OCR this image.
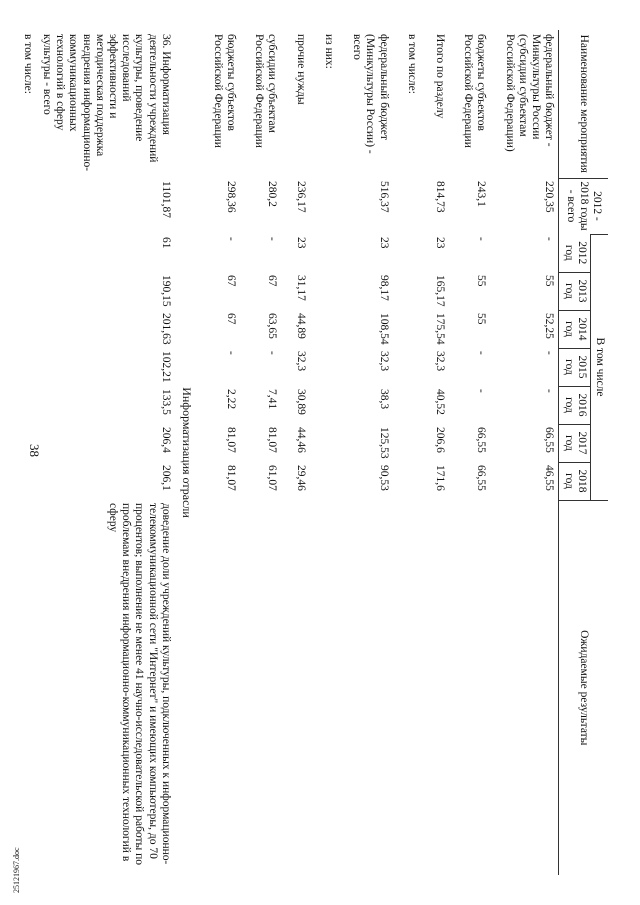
38
25121967.doc
Наименование мероприятия	2012 - 2018 годы - всего	В том числе							Ожидаемые результаты
		2012 год	2013 год	2014 год	2015 год	2016 год	2017 год	2018 год	
федеральный бюджет - Минкультуры России (субсидии субъектам Российской Федерации)	220,35	-	55	52,25	-	-	66,55	46,55	
бюджеты субъектов Российской Федерации	243,1	-	55	55	-	-	66,55	66,55	
Итого по разделу	814,73	23	165,17	175,54	32,3	40,52	206,6	171,6	
в том числе:									
федеральный бюджет (Минкультуры России) - всего	516,37	23	98,17	108,54	32,3	38,3	125,53	90,53	
из них:									
прочие нужды	236,17	23	31,17	44,89	32,3	30,89	44,46	29,46	
субсидии субъектам Российской Федерации	280,2	-	67	63,65	-	7,41	81,07	61,07	
бюджеты субъектов Российской Федерации	298,36	-	67	67	-	2,22	81,07	81,07	
Информатизация отрасли									
36. Информатизация деятельности учреждений культуры, проведение исследований эффективности и методическая поддержка внедрения информационно-коммуникационных технологий в сферу культуры - всего	1101,87	61	190,15	201,63	102,21	133,5	206,4	206,1	доведение доли учреждений культуры, подключенных к информационно-телекоммуникационной сети "Интернет" и имеющих компьютеры, до 70 процентов; выполнение не менее 41 научно-исследовательской работы по проблемам внедрения информационно-коммуникационных технологий в сферу
в том числе:									
